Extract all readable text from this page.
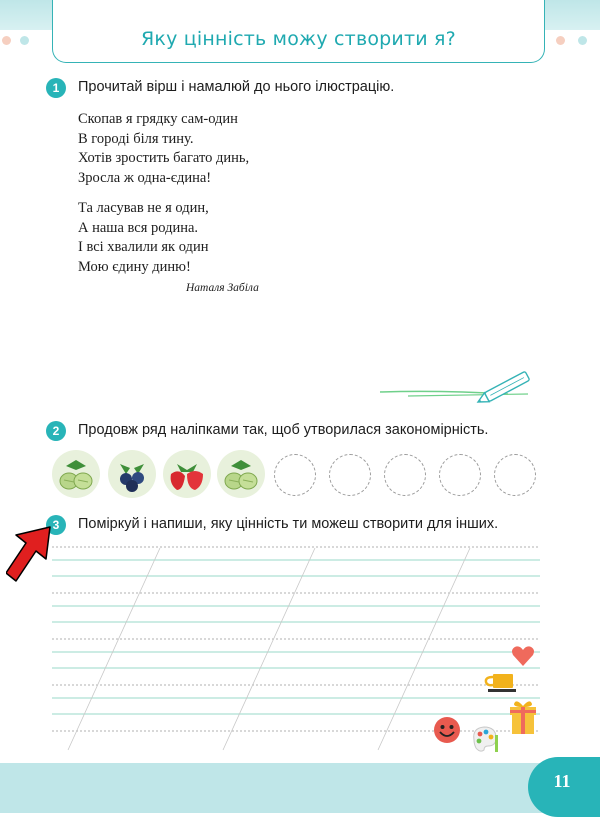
Яку цінність можу створити я?
1	Прочитай вірш і намалюй до нього ілюстрацію.
Скопав я грядку сам-один
В городі біля тину.
Хотів зростить багато динь,
Зросла ж одна-єдина!
Та ласував не я один,
А наша вся родина.
І всі хвалили як один
Мою єдину диню!
Наталя Забіла
2	Продовж ряд наліпками так, щоб утворилася закономірність.
3	Поміркуй і напиши, яку цінність ти можеш створити для інших.
11
